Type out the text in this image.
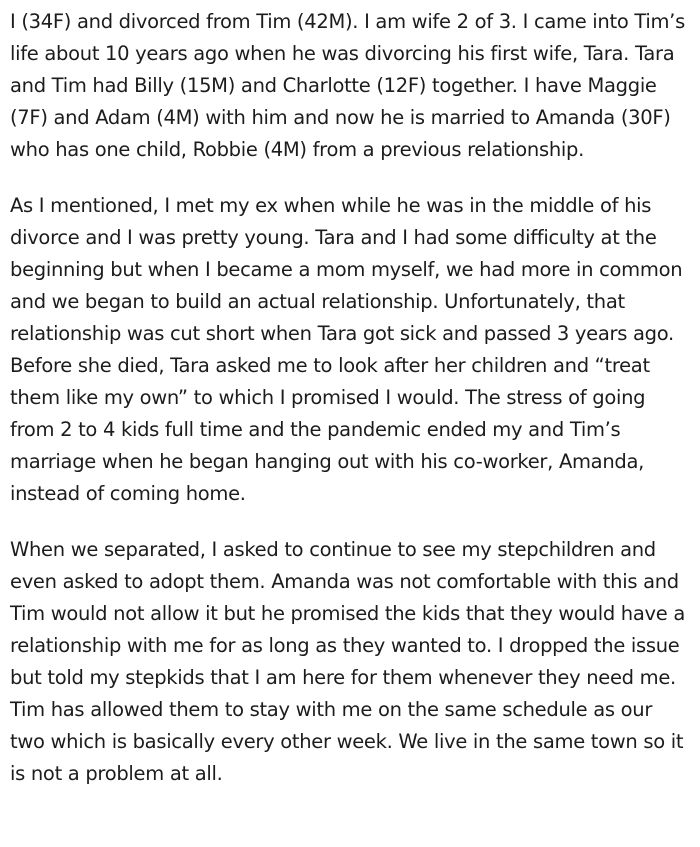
I (34F) and divorced from Tim (42M). I am wife 2 of 3. I came into Tim’s life about 10 years ago when he was divorcing his first wife, Tara. Tara and Tim had Billy (15M) and Charlotte (12F) together. I have Maggie (7F) and Adam (4M) with him and now he is married to Amanda (30F) who has one child, Robbie (4M) from a previous relationship.

As I mentioned, I met my ex when while he was in the middle of his divorce and I was pretty young. Tara and I had some difficulty at the beginning but when I became a mom myself, we had more in common and we began to build an actual relationship. Unfortunately, that relationship was cut short when Tara got sick and passed 3 years ago. Before she died, Tara asked me to look after her children and “treat them like my own” to which I promised I would. The stress of going from 2 to 4 kids full time and the pandemic ended my and Tim’s marriage when he began hanging out with his co-worker, Amanda, instead of coming home.

When we separated, I asked to continue to see my stepchildren and even asked to adopt them. Amanda was not comfortable with this and Tim would not allow it but he promised the kids that they would have a relationship with me for as long as they wanted to. I dropped the issue but told my stepkids that I am here for them whenever they need me. Tim has allowed them to stay with me on the same schedule as our two which is basically every other week. We live in the same town so it is not a problem at all.
